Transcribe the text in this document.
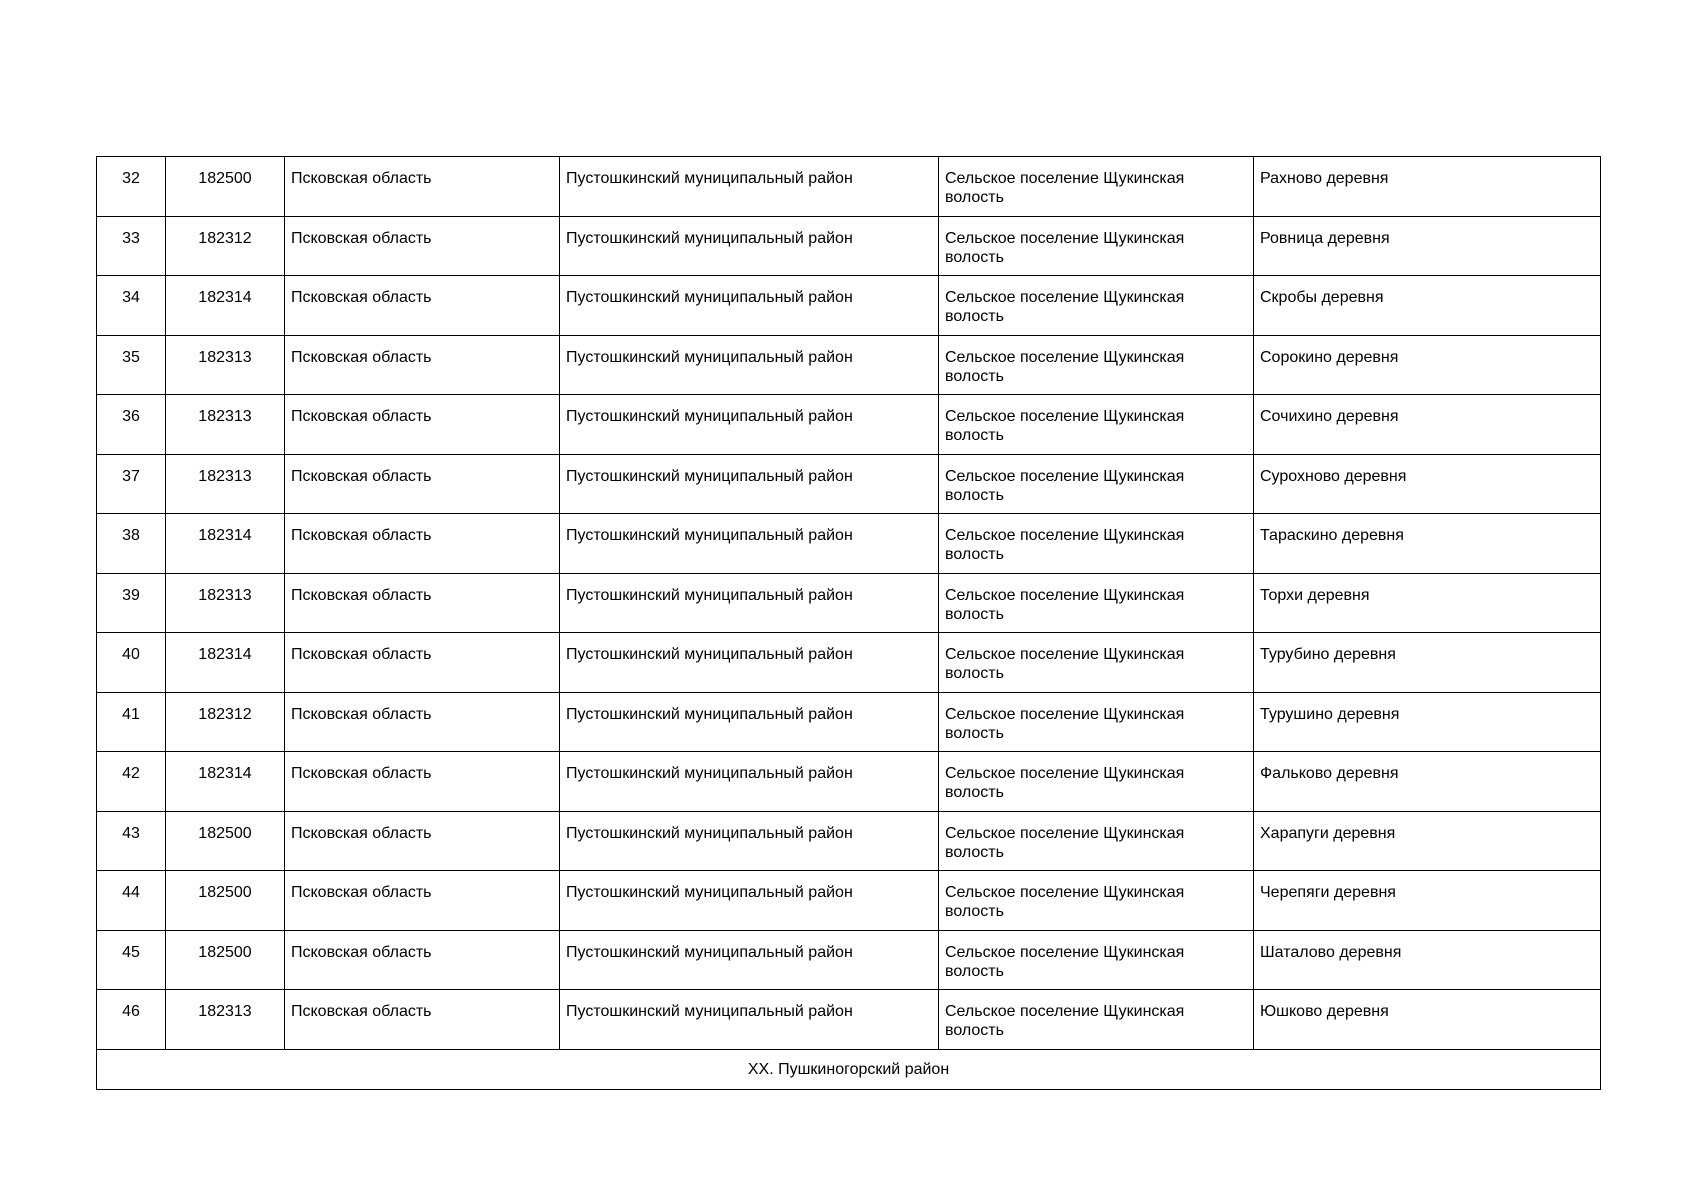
32	182500	Псковская область	Пустошкинский муниципальный район	Сельское поселение Щукинская волость	Рахново деревня
33	182312	Псковская область	Пустошкинский муниципальный район	Сельское поселение Щукинская волость	Ровница деревня
34	182314	Псковская область	Пустошкинский муниципальный район	Сельское поселение Щукинская волость	Скробы деревня
35	182313	Псковская область	Пустошкинский муниципальный район	Сельское поселение Щукинская волость	Сорокино деревня
36	182313	Псковская область	Пустошкинский муниципальный район	Сельское поселение Щукинская волость	Сочихино деревня
37	182313	Псковская область	Пустошкинский муниципальный район	Сельское поселение Щукинская волость	Сурохново деревня
38	182314	Псковская область	Пустошкинский муниципальный район	Сельское поселение Щукинская волость	Тараскино деревня
39	182313	Псковская область	Пустошкинский муниципальный район	Сельское поселение Щукинская волость	Торхи деревня
40	182314	Псковская область	Пустошкинский муниципальный район	Сельское поселение Щукинская волость	Турубино деревня
41	182312	Псковская область	Пустошкинский муниципальный район	Сельское поселение Щукинская волость	Турушино деревня
42	182314	Псковская область	Пустошкинский муниципальный район	Сельское поселение Щукинская волость	Фальково деревня
43	182500	Псковская область	Пустошкинский муниципальный район	Сельское поселение Щукинская волость	Харапуги деревня
44	182500	Псковская область	Пустошкинский муниципальный район	Сельское поселение Щукинская волость	Черепяги деревня
45	182500	Псковская область	Пустошкинский муниципальный район	Сельское поселение Щукинская волость	Шаталово деревня
46	182313	Псковская область	Пустошкинский муниципальный район	Сельское поселение Щукинская волость	Юшково деревня
XX. Пушкиногорский район					
